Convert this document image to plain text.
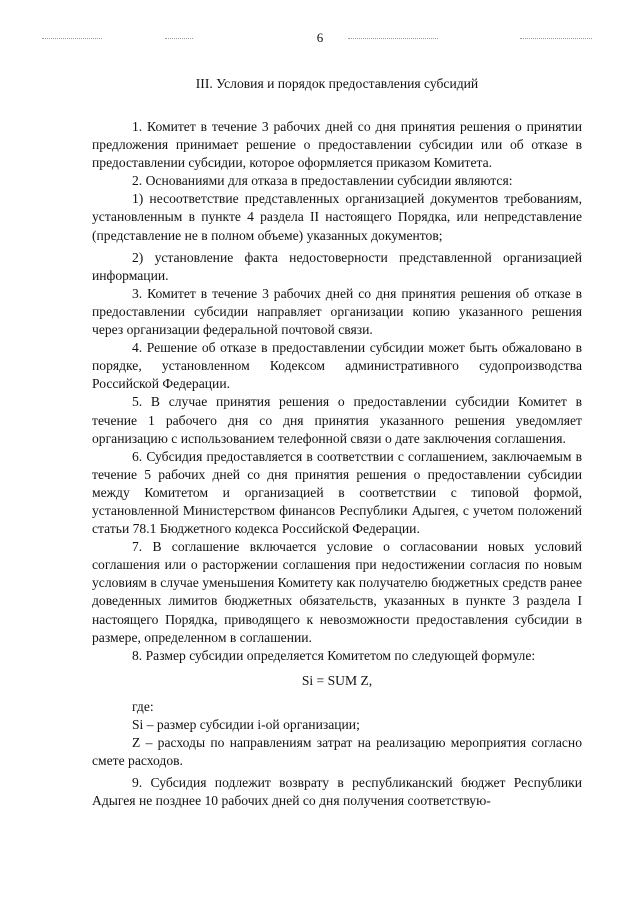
6
III. Условия и порядок предоставления субсидий

1. Комитет в течение 3 рабочих дней со дня принятия решения о принятии предложения принимает решение о предоставлении субсидии или об отказе в предоставлении субсидии, которое оформляется приказом Комитета.

2. Основаниями для отказа в предоставлении субсидии являются:

1) несоответствие представленных организацией документов требованиям, установленным в пункте 4 раздела II настоящего Порядка, или непредставление (представление не в полном объеме) указанных документов;

2) установление факта недостоверности представленной организацией информации.

3. Комитет в течение 3 рабочих дней со дня принятия решения об отказе в предоставлении субсидии направляет организации копию указанного решения через организации федеральной почтовой связи.

4. Решение об отказе в предоставлении субсидии может быть обжаловано в порядке, установленном Кодексом административного судопроизводства Российской Федерации.

5. В случае принятия решения о предоставлении субсидии Комитет в течение 1 рабочего дня со дня принятия указанного решения уведомляет организацию с использованием телефонной связи о дате заключения соглашения.

6. Субсидия предоставляется в соответствии с соглашением, заключаемым в течение 5 рабочих дней со дня принятия решения о предоставлении субсидии между Комитетом и организацией в соответствии с типовой формой, установленной Министерством финансов Республики Адыгея, с учетом положений статьи 78.1 Бюджетного кодекса Российской Федерации.

7. В соглашение включается условие о согласовании новых условий соглашения или о расторжении соглашения при недостижении согласия по новым условиям в случае уменьшения Комитету как получателю бюджетных средств ранее доведенных лимитов бюджетных обязательств, указанных в пункте 3 раздела I настоящего Порядка, приводящего к невозможности предоставления субсидии в размере, определенном в соглашении.

8. Размер субсидии определяется Комитетом по следующей формуле:

Si = SUM Z,

где:

Si – размер субсидии i-ой организации;

Z – расходы по направлениям затрат на реализацию мероприятия согласно смете расходов.

9. Субсидия подлежит возврату в республиканский бюджет Республики Адыгея не позднее 10 рабочих дней со дня получения соответствую-
